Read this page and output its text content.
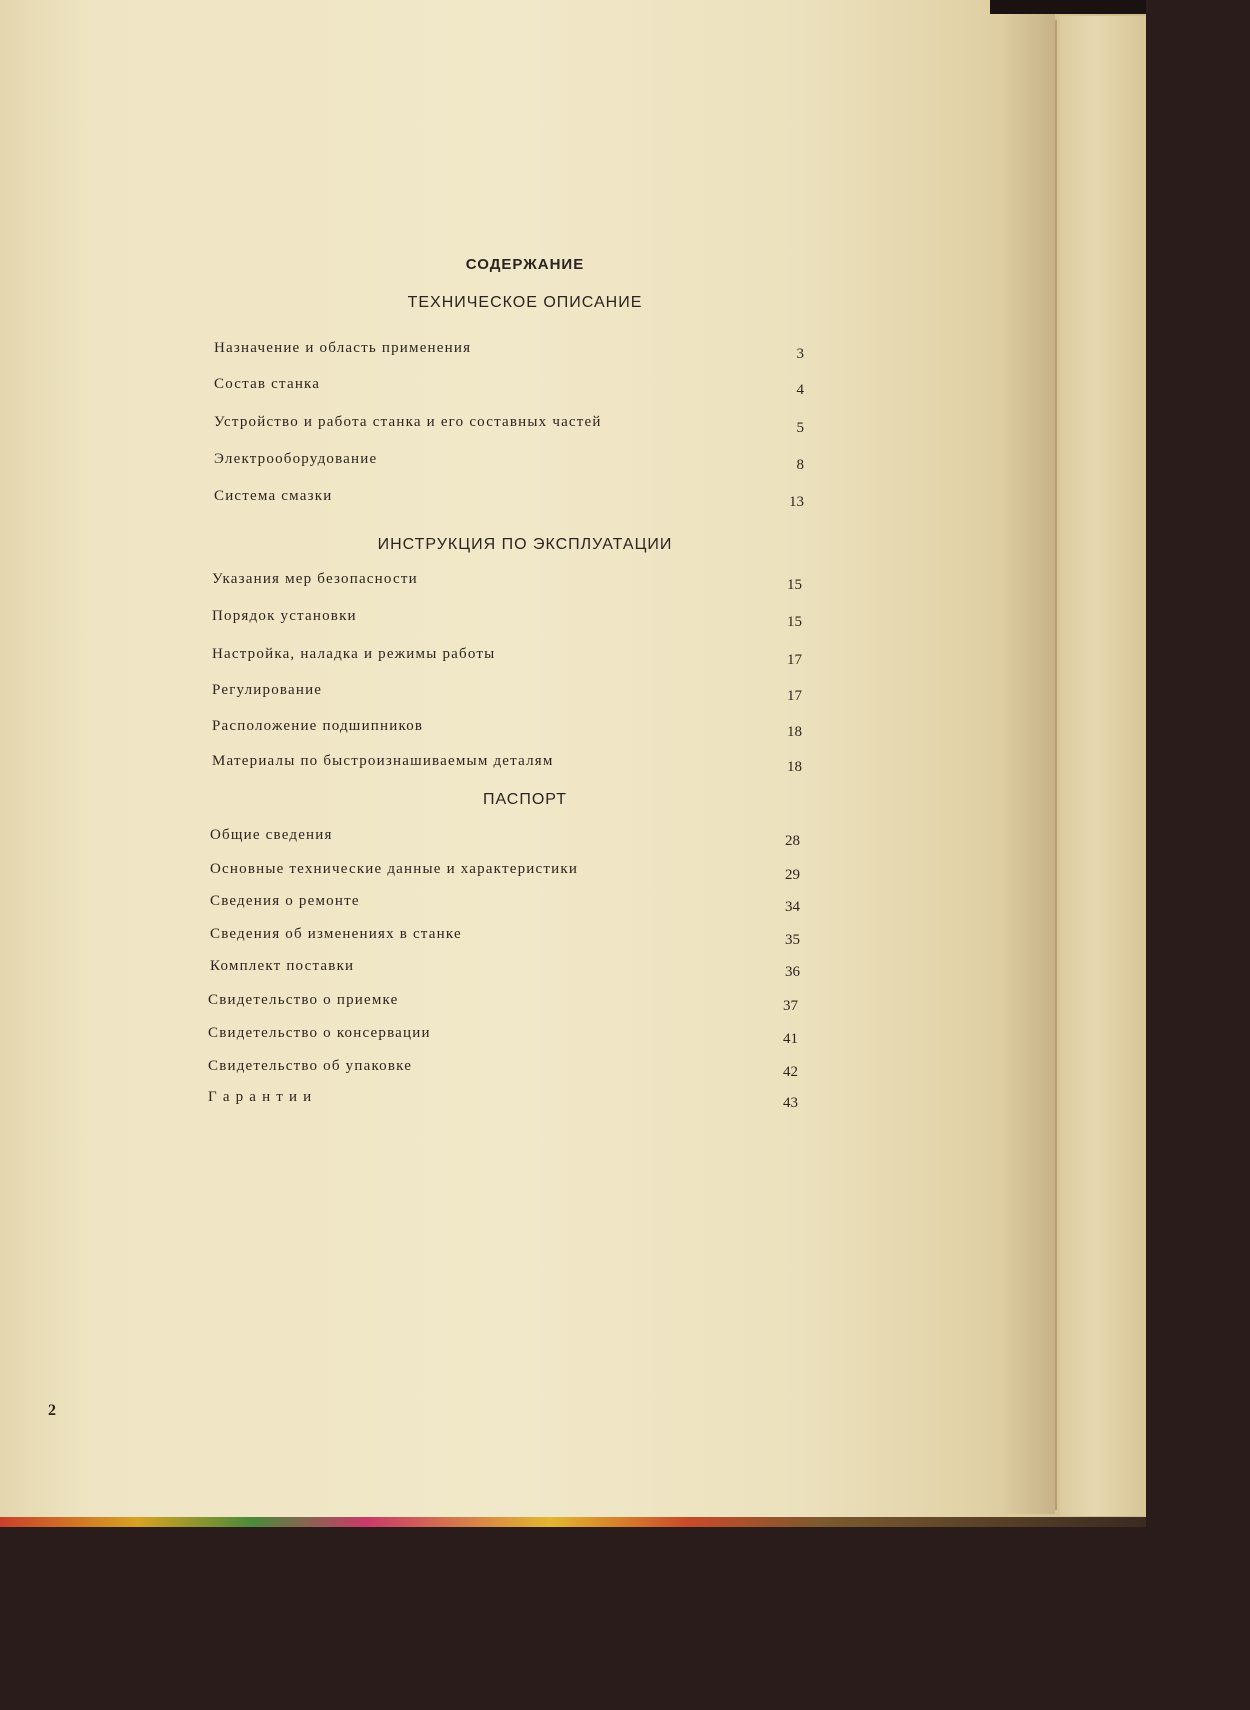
СОДЕРЖАНИЕ
ТЕХНИЧЕСКОЕ ОПИСАНИЕ
Назначение и область применения	3
Состав станка	4
Устройство и работа станка и его составных частей	5
Электрооборудование	8
Система смазки	13
ИНСТРУКЦИЯ ПО ЭКСПЛУАТАЦИИ
Указания мер безопасности	15
Порядок установки	15
Настройка, наладка и режимы работы	17
Регулирование	17
Расположение подшипников	18
Материалы по быстроизнашиваемым деталям	18
ПАСПОРТ
Общие сведения	28
Основные технические данные и характеристики	29
Сведения о ремонте	34
Сведения об изменениях в станке	35
Комплект поставки	36
Свидетельство о приемке	37
Свидетельство о консервации	41
Свидетельство об упаковке	42
Г а р а н т и и	43
2
